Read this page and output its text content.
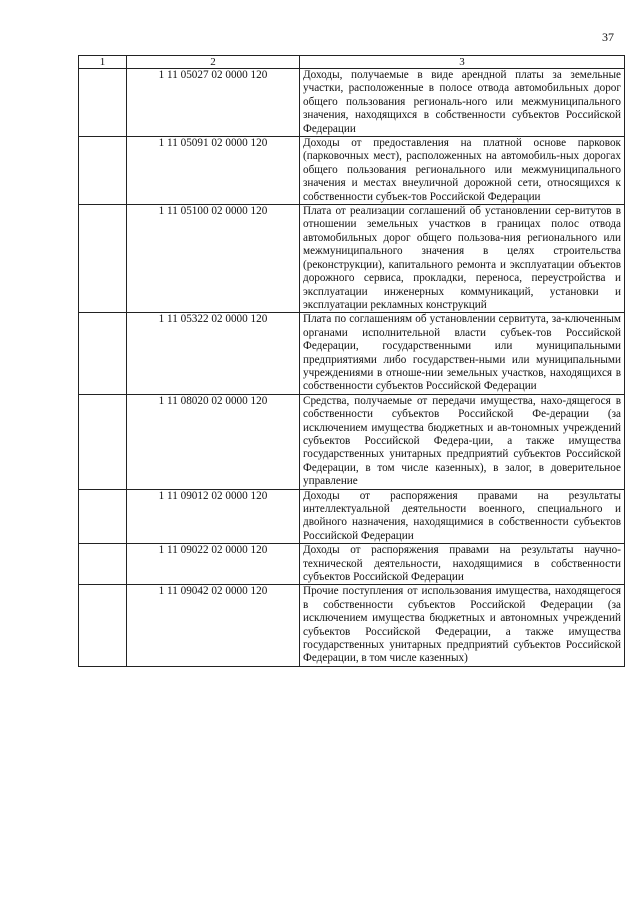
37
1	2	3
	1 11 05027 02 0000 120	Доходы, получаемые в виде арендной платы за земельные участки, расположенные в полосе отвода автомобильных дорог общего пользования региональ-ного или межмуниципального значения, находящихся в собственности субъектов Российской Федерации
	1 11 05091 02 0000 120	Доходы от предоставления на платной основе парковок (парковочных мест), расположенных на автомобиль-ных дорогах общего пользования регионального или межмуниципального значения и местах внеуличной дорожной сети, относящихся к собственности субъек-тов Российской Федерации
	1 11 05100 02 0000 120	Плата от реализации соглашений об установлении сер-витутов в отношении земельных участков в границах полос отвода автомобильных дорог общего пользова-ния регионального или межмуниципального значения в целях строительства (реконструкции), капитального ремонта и эксплуатации объектов дорожного сервиса, прокладки, переноса, переустройства и эксплуатации инженерных коммуникаций, установки и эксплуатации рекламных конструкций
	1 11 05322 02 0000 120	Плата по соглашениям об установлении сервитута, за-ключенным органами исполнительной власти субъек-тов Российской Федерации, государственными или муниципальными предприятиями либо государствен-ными или муниципальными учреждениями в отноше-нии земельных участков, находящихся в собственности субъектов Российской Федерации
	1 11 08020 02 0000 120	Средства, получаемые от передачи имущества, нахо-дящегося в собственности субъектов Российской Фе-дерации (за исключением имущества бюджетных и ав-тономных учреждений субъектов Российской Федера-ции, а также имущества государственных унитарных предприятий субъектов Российской Федерации, в том числе казенных), в залог, в доверительное управление
	1 11 09012 02 0000 120	Доходы от распоряжения правами на результаты интеллектуальной деятельности военного, специального и двойного назначения, находящимися в собственности субъектов Российской Федерации
	1 11 09022 02 0000 120	Доходы от распоряжения правами на результаты научно-технической деятельности, находящимися в собственности субъектов Российской Федерации
	1 11 09042 02 0000 120	Прочие поступления от использования имущества, находящегося в собственности субъектов Российской Федерации (за исключением имущества бюджетных и автономных учреждений субъектов Российской Федерации, а также имущества государственных унитарных предприятий субъектов Российской Федерации, в том числе казенных)
